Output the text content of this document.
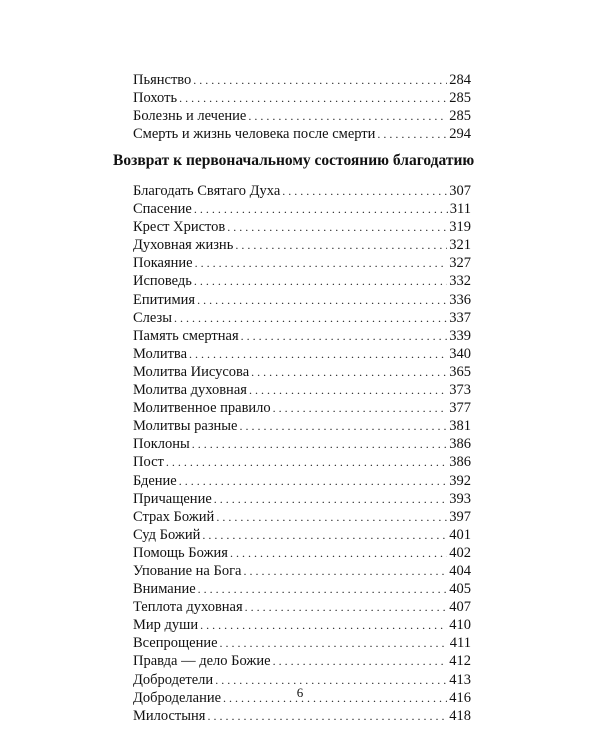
Пьянство . . .	284
Похоть . . .	285
Болезнь и лечение . . .	285
Смерть и жизнь человека после смерти . . .	294
Возврат к первоначальному состоянию благодатию
Благодать Святаго Духа . . .	307
Спасение . . .	311
Крест Христов . . .	319
Духовная жизнь . . .	321
Покаяние . . .	327
Исповедь . . .	332
Епитимия . . .	336
Слезы . . .	337
Память смертная . . .	339
Молитва . . .	340
Молитва Иисусова . . .	365
Молитва духовная . . .	373
Молитвенное правило . . .	377
Молитвы разные . . .	381
Поклоны . . .	386
Пост . . .	386
Бдение . . .	392
Причащение . . .	393
Страх Божий . . .	397
Суд Божий . . .	401
Помощь Божия . . .	402
Упование на Бога . . .	404
Внимание . . .	405
Теплота духовная . . .	407
Мир души . . .	410
Всепрощение . . .	411
Правда — дело Божие . . .	412
Добродетели . . .	413
Доброделание . . .	416
Милостыня . . .	418
6
